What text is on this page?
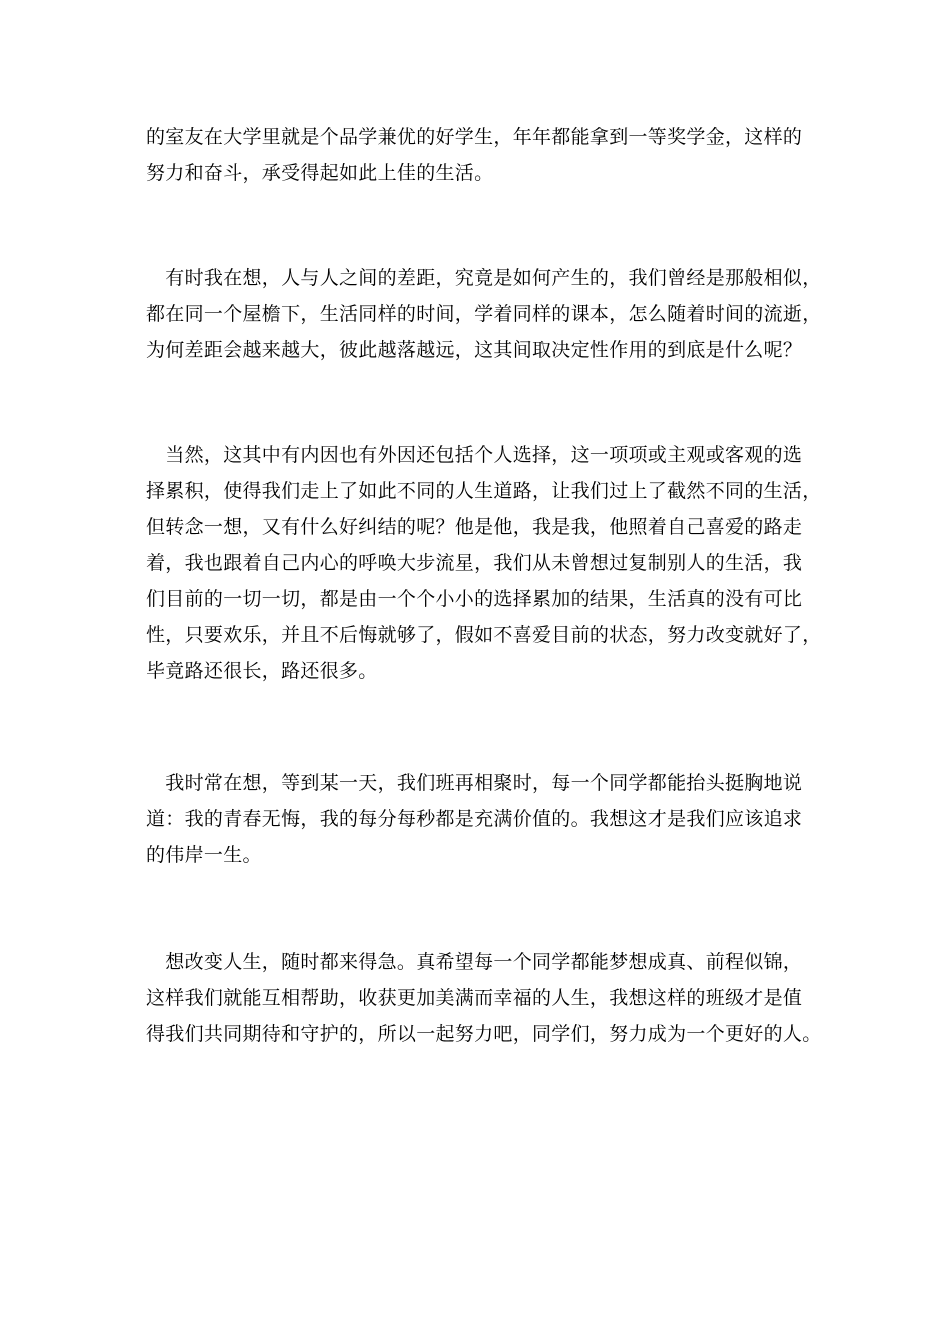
的室友在大学里就是个品学兼优的好学生，年年都能拿到一等奖学金，这样的
努力和奋斗，承受得起如此上佳的生活。
　有时我在想，人与人之间的差距，究竟是如何产生的，我们曾经是那般相似，
都在同一个屋檐下，生活同样的时间，学着同样的课本，怎么随着时间的流逝，
为何差距会越来越大，彼此越落越远，这其间取决定性作用的到底是什么呢？
　当然，这其中有内因也有外因还包括个人选择，这一项项或主观或客观的选
择累积，使得我们走上了如此不同的人生道路，让我们过上了截然不同的生活，
但转念一想，又有什么好纠结的呢？他是他，我是我，他照着自己喜爱的路走
着，我也跟着自己内心的呼唤大步流星，我们从未曾想过复制别人的生活，我
们目前的一切一切，都是由一个个小小的选择累加的结果，生活真的没有可比
性，只要欢乐，并且不后悔就够了，假如不喜爱目前的状态，努力改变就好了，
毕竟路还很长，路还很多。
　我时常在想，等到某一天，我们班再相聚时，每一个同学都能抬头挺胸地说
道：我的青春无悔，我的每分每秒都是充满价值的。我想这才是我们应该追求
的伟岸一生。
　想改变人生，随时都来得急。真希望每一个同学都能梦想成真、前程似锦，
这样我们就能互相帮助，收获更加美满而幸福的人生，我想这样的班级才是值
得我们共同期待和守护的，所以一起努力吧，同学们，努力成为一个更好的人。
